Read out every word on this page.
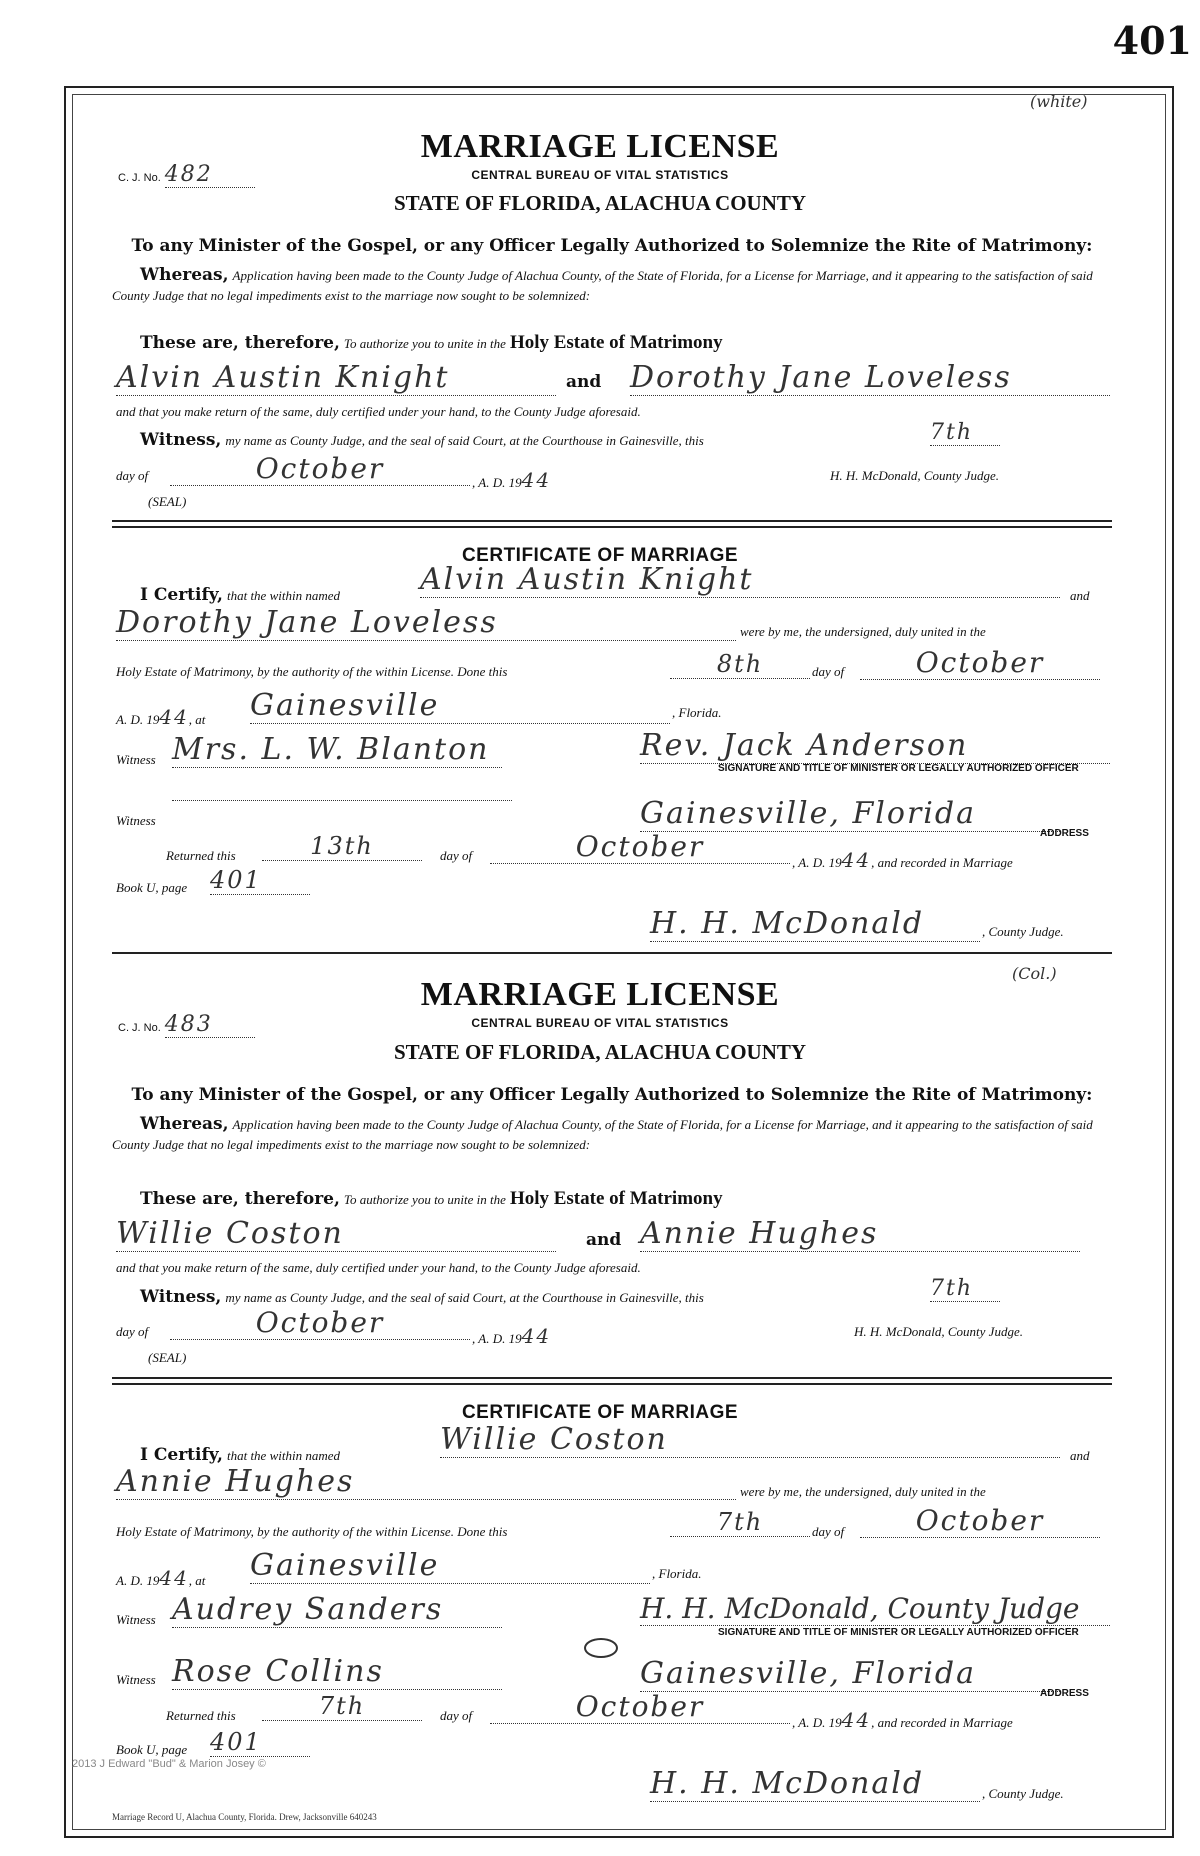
401
(white)
C. J. No. 482
MARRIAGE LICENSE
CENTRAL BUREAU OF VITAL STATISTICS
STATE OF FLORIDA, ALACHUA COUNTY
To any Minister of the Gospel, or any Officer Legally Authorized to Solemnize the Rite of Matrimony:
Whereas, Application having been made to the County Judge of Alachua County, of the State of Florida, for a License for Marriage, and it appearing to the satisfaction of said County Judge that no legal impediments exist to the marriage now sought to be solemnized:
These are, therefore, To authorize you to unite in the Holy Estate of Matrimony
Alvin Austin Knight	and Dorothy Jane Loveless
and that you make return of the same, duly certified under your hand, to the County Judge aforesaid.
Witness, my name as County Judge, and the seal of said Court, at the Courthouse in Gainesville, this	7th
day of	October	, A. D. 1944	H. H. McDonald, County Judge.
(SEAL)
CERTIFICATE OF MARRIAGE
I Certify, that the within named	Alvin Austin Knight	and
Dorothy Jane Loveless	were by me, the undersigned, duly united in the
Holy Estate of Matrimony, by the authority of the within License. Done this	8th	day of	October
A. D. 1944, at Gainesville	, Florida.
Witness Mrs. L. W. Blanton	Rev. Jack Anderson
SIGNATURE AND TITLE OF MINISTER OR LEGALLY AUTHORIZED OFFICER
Witness	Gainesville, Florida
ADDRESS
Returned this	13th	day of	October	, A. D. 1944, and recorded in Marriage
Book U, page 401
H. H. McDonald	, County Judge.
(Col.)
C. J. No. 483
MARRIAGE LICENSE
CENTRAL BUREAU OF VITAL STATISTICS
STATE OF FLORIDA, ALACHUA COUNTY
To any Minister of the Gospel, or any Officer Legally Authorized to Solemnize the Rite of Matrimony:
Whereas, Application having been made to the County Judge of Alachua County, of the State of Florida, for a License for Marriage, and it appearing to the satisfaction of said County Judge that no legal impediments exist to the marriage now sought to be solemnized:
These are, therefore, To authorize you to unite in the Holy Estate of Matrimony
Willie Coston	and Annie Hughes
and that you make return of the same, duly certified under your hand, to the County Judge aforesaid.
Witness, my name as County Judge, and the seal of said Court, at the Courthouse in Gainesville, this	7th
day of	October	, A. D. 1944	H. H. McDonald, County Judge.
(SEAL)
CERTIFICATE OF MARRIAGE
I Certify, that the within named	Willie Coston	and
Annie Hughes	were by me, the undersigned, duly united in the
Holy Estate of Matrimony, by the authority of the within License. Done this	7th	day of	October
A. D. 1944, at Gainesville	, Florida.
Witness Audrey Sanders	H. H. McDonald, County Judge
SIGNATURE AND TITLE OF MINISTER OR LEGALLY AUTHORIZED OFFICER
Witness Rose Collins	Gainesville, Florida
ADDRESS
Returned this	7th	day of	October	, A. D. 1944, and recorded in Marriage
Book U, page 401
H. H. McDonald	, County Judge.
2013 J Edward "Bud" & Marion Josey ©
Marriage Record U, Alachua County, Florida. Drew, Jacksonville 640243
